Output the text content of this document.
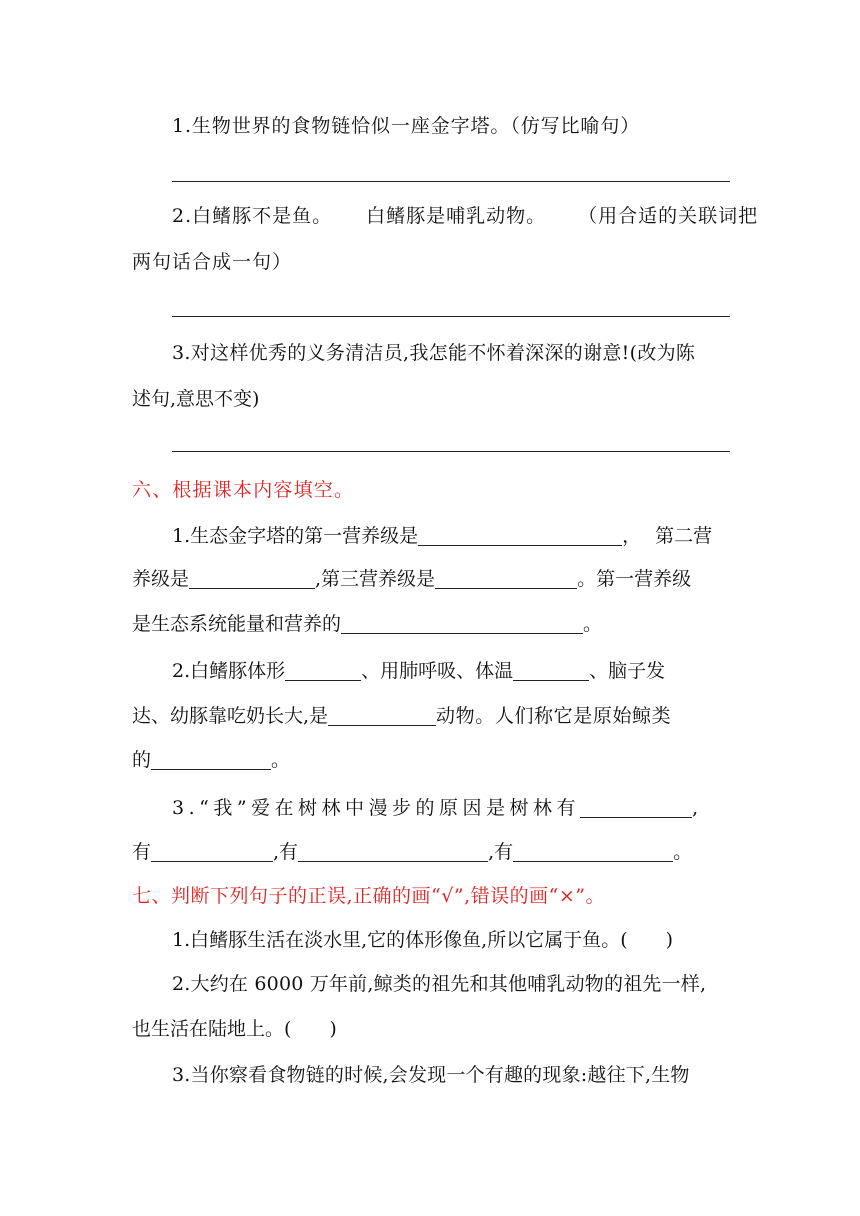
1.生物世界的食物链恰似一座金字塔。（仿写比喻句）
2.白鳍豚不是鱼。 白鳍豚是哺乳动物。 （用合适的关联词把
两句话合成一句）
3.对这样优秀的义务清洁员,我怎能不怀着深深的谢意!(改为陈
述句,意思不变)
六、根据课本内容填空。
1.生态金字塔的第一营养级是	， 第二营
养级是	,第三营养级是	。第一营养级
是生态系统能量和营养的	。
2.白鳍豚体形	、用肺呼吸、体温	、脑子发
达、幼豚靠吃奶长大,是	动物。人们称它是原始鲸类
的	。
3.“我”爱在树林中漫步的原因是树林有	,
有	,有	,有	。
七、判断下列句子的正误,正确的画“√”,错误的画“×”。
1.白鳍豚生活在淡水里,它的体形像鱼,所以它属于鱼。(　　)
2.大约在 6000 万年前,鲸类的祖先和其他哺乳动物的祖先一样,
也生活在陆地上。(　　)
3.当你察看食物链的时候,会发现一个有趣的现象:越往下,生物
